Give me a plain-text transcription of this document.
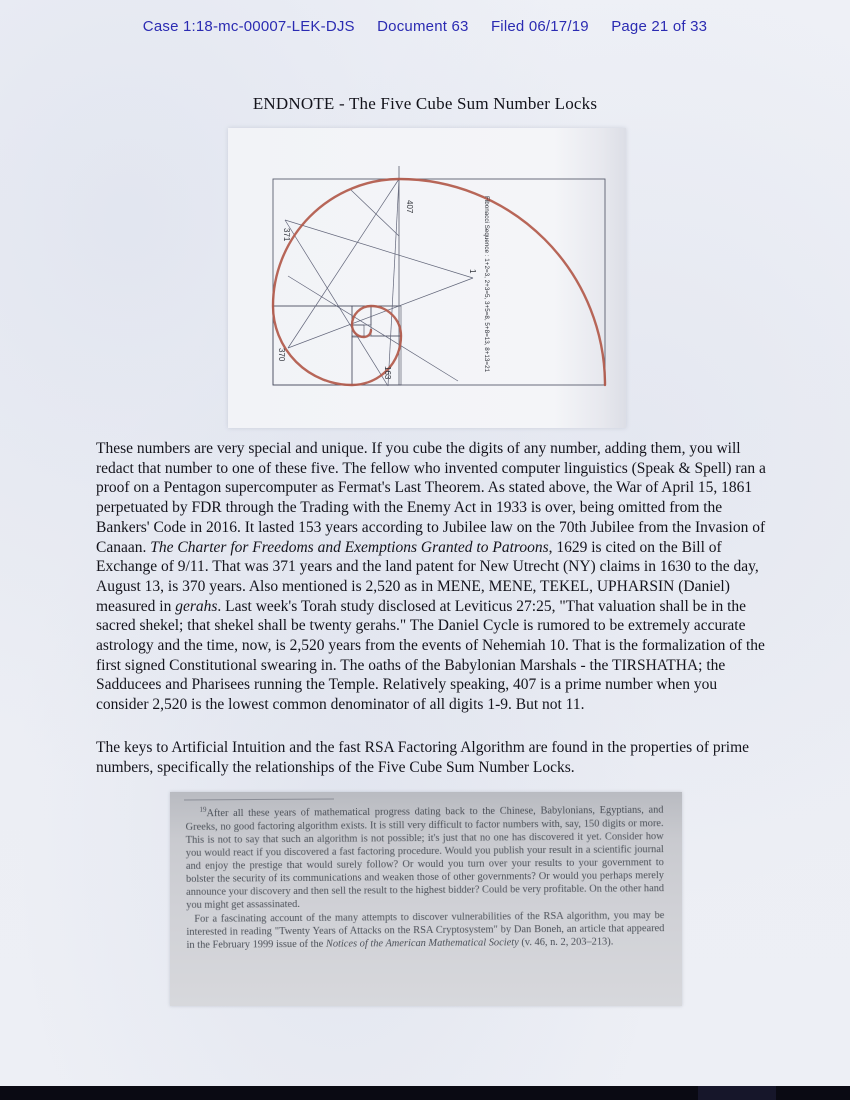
Case 1:18-mc-00007-LEK-DJS Document 63 Filed 06/17/19 Page 21 of 33
ENDNOTE - The Five Cube Sum Number Locks
407
371
370
163
1 Fibonacci Sequence : 1+2=3, 2+3=5, 3+5=8, 5+8=13, 8+13=21
These numbers are very special and unique. If you cube the digits of any number, adding them, you will redact that number to one of these five. The fellow who invented computer linguistics (Speak & Spell) ran a proof on a Pentagon supercomputer as Fermat's Last Theorem. As stated above, the War of April 15, 1861 perpetuated by FDR through the Trading with the Enemy Act in 1933 is over, being omitted from the Bankers' Code in 2016. It lasted 153 years according to Jubilee law on the 70th Jubilee from the Invasion of Canaan. The Charter for Freedoms and Exemptions Granted to Patroons, 1629 is cited on the Bill of Exchange of 9/11. That was 371 years and the land patent for New Utrecht (NY) claims in 1630 to the day, August 13, is 370 years. Also mentioned is 2,520 as in MENE, MENE, TEKEL, UPHARSIN (Daniel) measured in gerahs. Last week's Torah study disclosed at Leviticus 27:25, "That valuation shall be in the sacred shekel; that shekel shall be twenty gerahs." The Daniel Cycle is rumored to be extremely accurate astrology and the time, now, is 2,520 years from the events of Nehemiah 10. That is the formalization of the first signed Constitutional swearing in. The oaths of the Babylonian Marshals - the TIRSHATHA; the Sadducees and Pharisees running the Temple. Relatively speaking, 407 is a prime number when you consider 2,520 is the lowest common denominator of all digits 1-9. But not 11.
The keys to Artificial Intuition and the fast RSA Factoring Algorithm are found in the properties of prime numbers, specifically the relationships of the Five Cube Sum Number Locks.

$^{19}$After all these years of mathematical progress dating back to the Chinese, Babylonians, Egyptians, and Greeks, no good factoring algorithm exists. It is still very difficult to factor numbers with, say, 150 digits or more. This is not to say that such an algorithm is not possible; it's just that no one has discovered it yet. Consider how you would react if you discovered a fast factoring procedure. Would you publish your result in a scientific journal and enjoy the prestige that would surely follow? Or would you turn over your results to your government to bolster the security of its communications and weaken those of other governments? Or would you perhaps merely announce your discovery and then sell the result to the highest bidder? Could be very profitable. On the other hand you might get assassinated.

For a fascinating account of the many attempts to discover vulnerabilities of the RSA algorithm, you may be interested in reading "Twenty Years of Attacks on the RSA Cryptosystem" by Dan Boneh, an article that appeared in the February 1999 issue of the Notices of the American Mathematical Society (v. 46, n. 2, 203–213).
